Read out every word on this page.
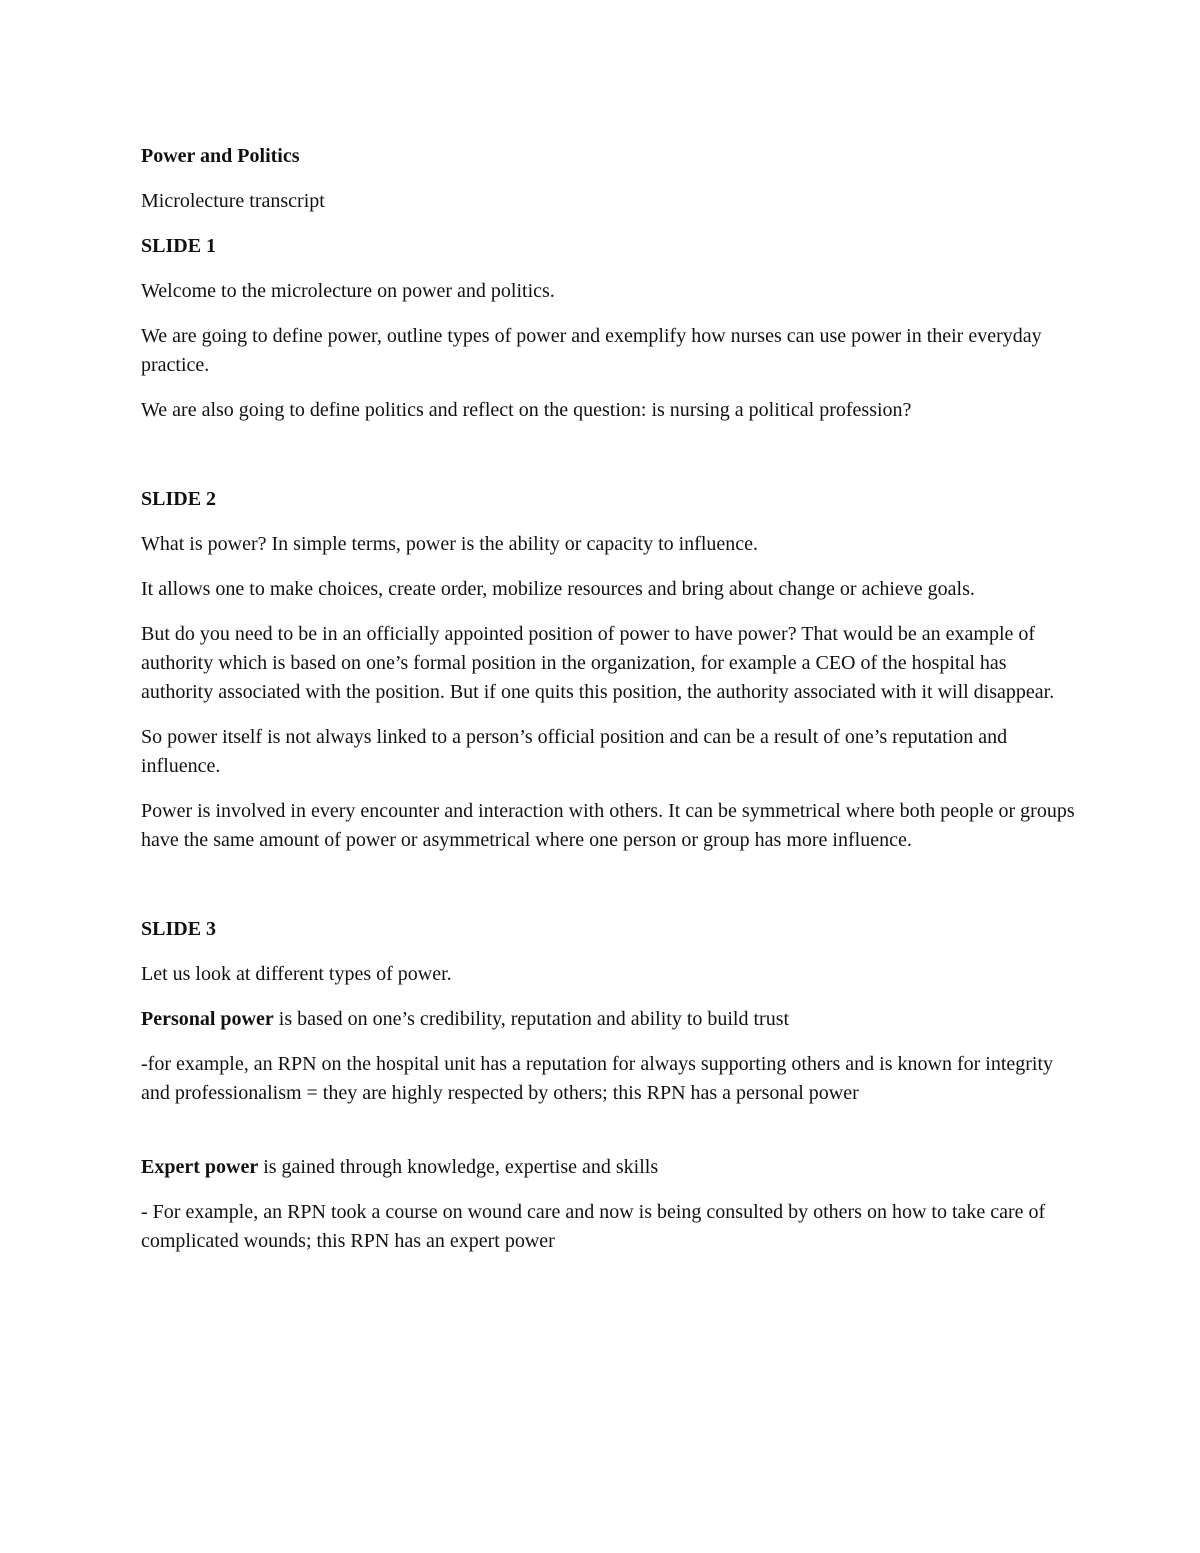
Power and Politics

Microlecture transcript

SLIDE 1

Welcome to the microlecture on power and politics.

We are going to define power, outline types of power and exemplify how nurses can use power in their everyday practice.

We are also going to define politics and reflect on the question: is nursing a political profession?

SLIDE 2

What is power? In simple terms, power is the ability or capacity to influence.

It allows one to make choices, create order, mobilize resources and bring about change or achieve goals.

But do you need to be in an officially appointed position of power to have power? That would be an example of authority which is based on one’s formal position in the organization, for example a CEO of the hospital has authority associated with the position. But if one quits this position, the authority associated with it will disappear.

So power itself is not always linked to a person’s official position and can be a result of one’s reputation and influence.

Power is involved in every encounter and interaction with others. It can be symmetrical where both people or groups have the same amount of power or asymmetrical where one person or group has more influence.

SLIDE 3

Let us look at different types of power.

Personal power is based on one’s credibility, reputation and ability to build trust

-for example, an RPN on the hospital unit has a reputation for always supporting others and is known for integrity and professionalism = they are highly respected by others; this RPN has a personal power

Expert power is gained through knowledge, expertise and skills

- For example, an RPN took a course on wound care and now is being consulted by others on how to take care of complicated wounds; this RPN has an expert power
